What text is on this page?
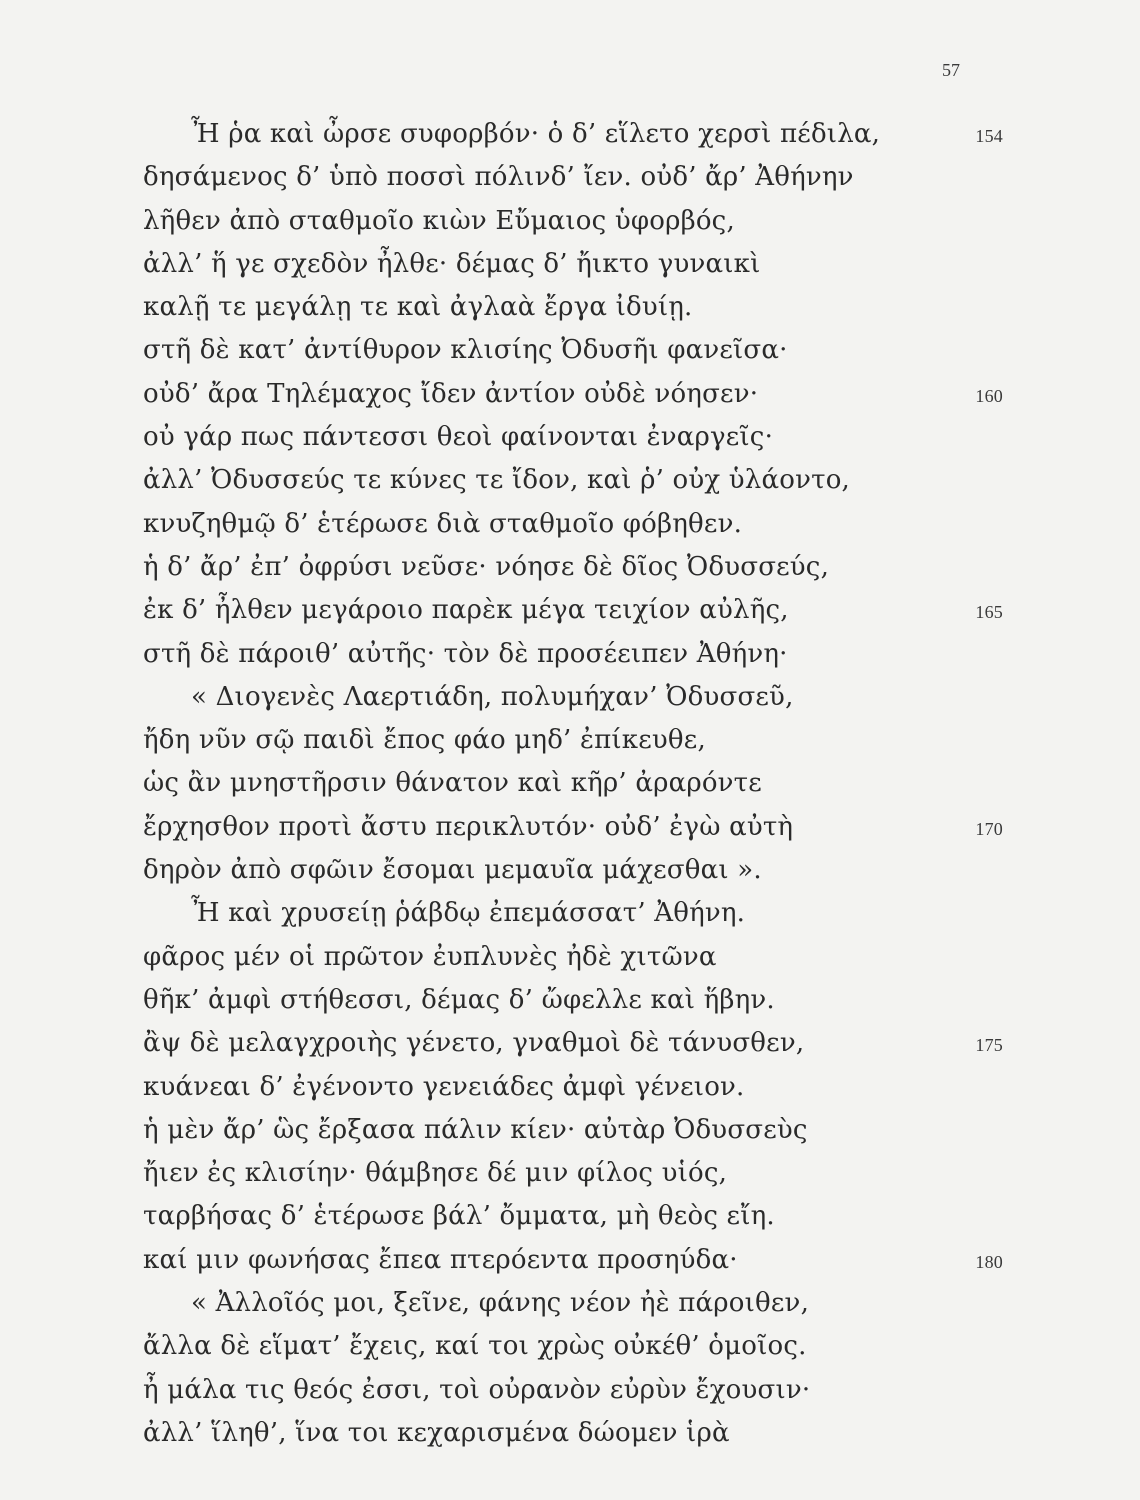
57
Ἦ ῥα καὶ ὦρσε συφορβόν· ὁ δ’ εἵλετο χερσὶ πέδιλα,	154
δησάμενος δ’ ὑπὸ ποσσὶ πόλινδ’ ἴεν. οὐδ’ ἄρ’ Ἀθήνην
λῆθεν ἀπὸ σταθμοῖο κιὼν Εὔμαιος ὑφορβός,
ἀλλ’ ἥ γε σχεδὸν ἦλθε· δέμας δ’ ἤικτο γυναικὶ
καλῇ τε μεγάλῃ τε καὶ ἀγλαὰ ἔργα ἰδυίῃ.
στῆ δὲ κατ’ ἀντίθυρον κλισίης Ὀδυσῆι φανεῖσα·
οὐδ’ ἄρα Τηλέμαχος ἴδεν ἀντίον οὐδὲ νόησεν·	160
οὐ γάρ πως πάντεσσι θεοὶ φαίνονται ἐναργεῖς·
ἀλλ’ Ὀδυσσεύς τε κύνες τε ἴδον, καὶ ῥ’ οὐχ ὑλάοντο,
κνυζηθμῷ δ’ ἑτέρωσε διὰ σταθμοῖο φόβηθεν.
ἡ δ’ ἄρ’ ἐπ’ ὀφρύσι νεῦσε· νόησε δὲ δῖος Ὀδυσσεύς,
ἐκ δ’ ἦλθεν μεγάροιο παρὲκ μέγα τειχίον αὐλῆς,	165
στῆ δὲ πάροιθ’ αὐτῆς· τὸν δὲ προσέειπεν Ἀθήνη·
« Διογενὲς Λαερτιάδη, πολυμήχαν’ Ὀδυσσεῦ,
ἤδη νῦν σῷ παιδὶ ἔπος φάο μηδ’ ἐπίκευθε,
ὡς ἂν μνηστῆρσιν θάνατον καὶ κῆρ’ ἀραρόντε
ἔρχησθον προτὶ ἄστυ περικλυτόν· οὐδ’ ἐγὼ αὐτὴ	170
δηρὸν ἀπὸ σφῶιν ἔσομαι μεμαυῖα μάχεσθαι ».
Ἦ καὶ χρυσείῃ ῥάβδῳ ἐπεμάσσατ’ Ἀθήνη.
φᾶρος μέν οἱ πρῶτον ἐυπλυνὲς ἠδὲ χιτῶνα
θῆκ’ ἀμφὶ στήθεσσι, δέμας δ’ ὤφελλε καὶ ἥβην.
ἂψ δὲ μελαγχροιὴς γένετο, γναθμοὶ δὲ τάνυσθεν,	175
κυάνεαι δ’ ἐγένοντο γενειάδες ἀμφὶ γένειον.
ἡ μὲν ἄρ’ ὣς ἔρξασα πάλιν κίεν· αὐτὰρ Ὀδυσσεὺς
ἤιεν ἐς κλισίην· θάμβησε δέ μιν φίλος υἱός,
ταρβήσας δ’ ἑτέρωσε βάλ’ ὄμματα, μὴ θεὸς εἴη.
καί μιν φωνήσας ἔπεα πτερόεντα προσηύδα·	180
« Ἀλλοῖός μοι, ξεῖνε, φάνης νέον ἠὲ πάροιθεν,
ἄλλα δὲ εἵματ’ ἔχεις, καί τοι χρὼς οὐκέθ’ ὁμοῖος.
ἦ μάλα τις θεός ἐσσι, τοὶ οὐρανὸν εὐρὺν ἔχουσιν·
ἀλλ’ ἵληθ’, ἵνα τοι κεχαρισμένα δώομεν ἱρὰ
